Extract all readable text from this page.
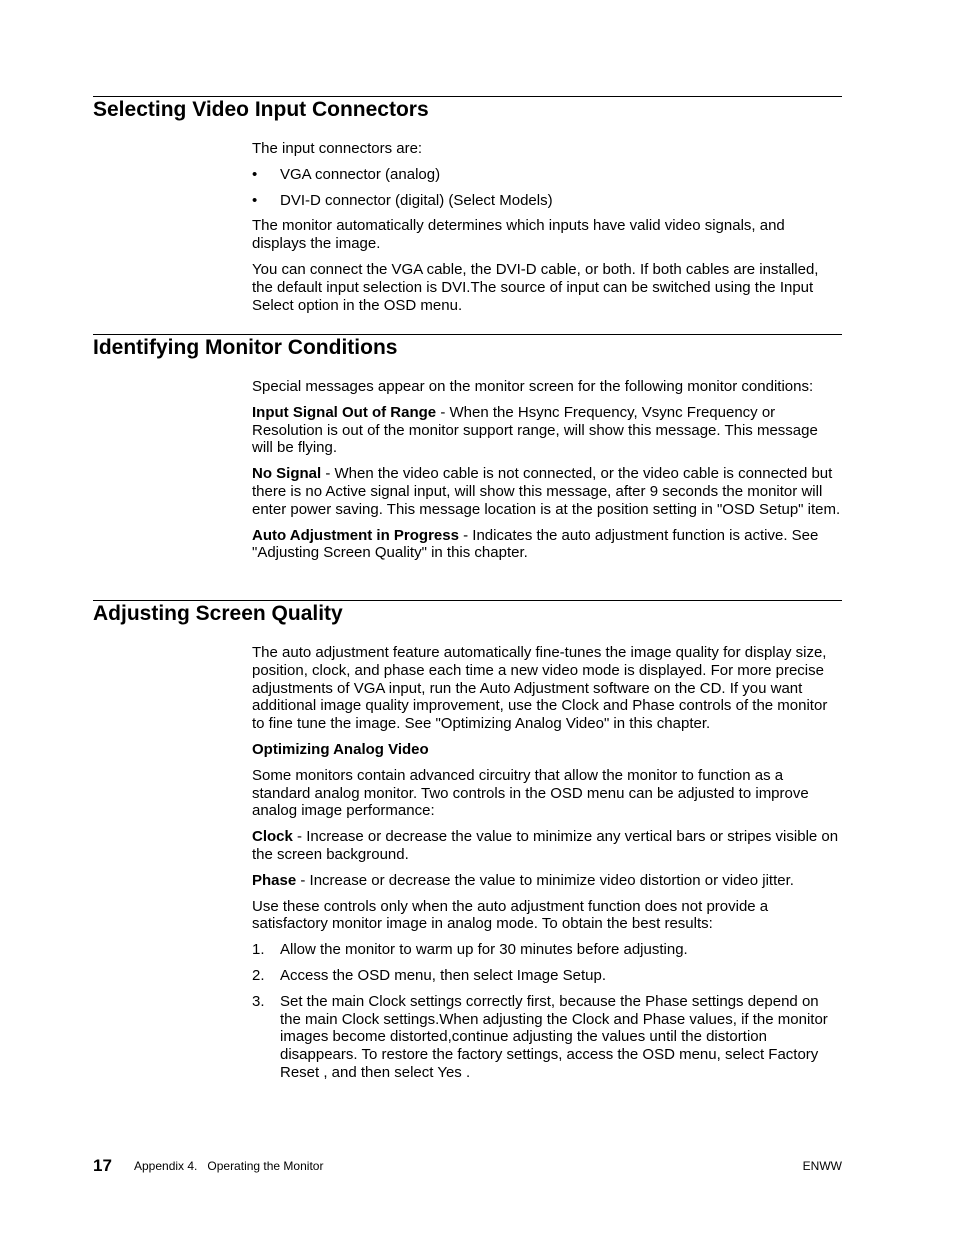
Selecting Video Input Connectors

The input connectors are:

•	VGA connector (analog)
•	DVI-D connector (digital) (Select Models)

The monitor automatically determines which inputs have valid video signals, and displays the image.

You can connect the VGA cable, the DVI-D cable, or both. If both cables are installed, the default input selection is DVI.The source of input can be switched using the Input Select option in the OSD menu.

Identifying Monitor Conditions

Special messages appear on the monitor screen for the following monitor conditions:

Input Signal Out of Range - When the Hsync Frequency, Vsync Frequency or Resolution is out of the monitor support range, will show this message. This message will be flying.

No Signal - When the video cable is not connected, or the video cable is connected but there is no Active signal input, will show this message, after 9 seconds the monitor will enter power saving. This message location is at the position setting in "OSD Setup" item.

Auto Adjustment in Progress - Indicates the auto adjustment function is active. See "Adjusting Screen Quality" in this chapter.

Adjusting Screen Quality

The auto adjustment feature automatically fine-tunes the image quality for display size, position, clock, and phase each time a new video mode is displayed. For more precise adjustments of VGA input, run the Auto Adjustment software on the CD. If you want additional image quality improvement, use the Clock and Phase controls of the monitor to fine tune the image. See "Optimizing Analog Video" in this chapter.

Optimizing Analog Video

Some monitors contain advanced circuitry that allow the monitor to function as a standard analog monitor. Two controls in the OSD menu can be adjusted to improve analog image performance:

Clock - Increase or decrease the value to minimize any vertical bars or stripes visible on the screen background.

Phase - Increase or decrease the value to minimize video distortion or video jitter.

Use these controls only when the auto adjustment function does not provide a satisfactory monitor image in analog mode. To obtain the best results:

1.	Allow the monitor to warm up for 30 minutes before adjusting.
2.	Access the OSD menu, then select Image Setup.
3.	Set the main Clock settings correctly first, because the Phase settings depend on the main Clock settings.When adjusting the Clock and Phase values, if the monitor images become distorted,continue adjusting the values until the distortion disappears. To restore the factory settings, access the OSD menu, select Factory Reset , and then select Yes .
17 Appendix 4.   Operating the Monitor	ENWW
